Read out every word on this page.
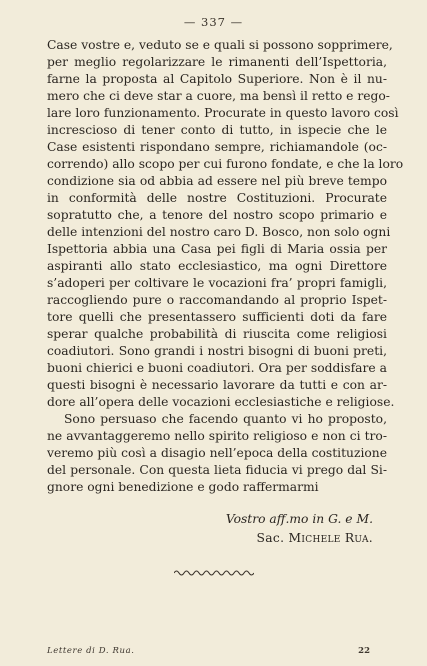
— 337 —
Case vostre e, veduto se e quali si possono sopprimere,
per meglio regolarizzare le rimanenti dell’Ispettoria,
farne la proposta al Capitolo Superiore. Non è il nu-
mero che ci deve star a cuore, ma bensì il retto e rego-
lare loro funzionamento. Procurate in questo lavoro così
increscioso di tener conto di tutto, in ispecie che le
Case esistenti rispondano sempre, richiamandole (oc-
correndo) allo scopo per cui furono fondate, e che la loro
condizione sia od abbia ad essere nel più breve tempo
in conformità delle nostre Costituzioni. Procurate
sopratutto che, a tenore del nostro scopo primario e
delle intenzioni del nostro caro D. Bosco, non solo ogni
Ispettoria abbia una Casa pei figli di Maria ossia per
aspiranti allo stato ecclesiastico, ma ogni Direttore
s’adoperi per coltivare le vocazioni fra’ propri famigli,
raccogliendo pure o raccomandando al proprio Ispet-
tore quelli che presentassero sufficienti doti da fare
sperar qualche probabilità di riuscita come religiosi
coadiutori. Sono grandi i nostri bisogni di buoni preti,
buoni chierici e buoni coadiutori. Ora per soddisfare a
questi bisogni è necessario lavorare da tutti e con ar-
dore all’opera delle vocazioni ecclesiastiche e religiose.
Sono persuaso che facendo quanto vi ho proposto,
ne avvantaggeremo nello spirito religioso e non ci tro-
veremo più così a disagio nell’epoca della costituzione
del personale. Con questa lieta fiducia vi prego dal Si-
gnore ogni benedizione e godo raffermarmi
Vostro aff.mo in G. e M.
Sac. Michele Rua.
Lettere di D. Rua.	22
